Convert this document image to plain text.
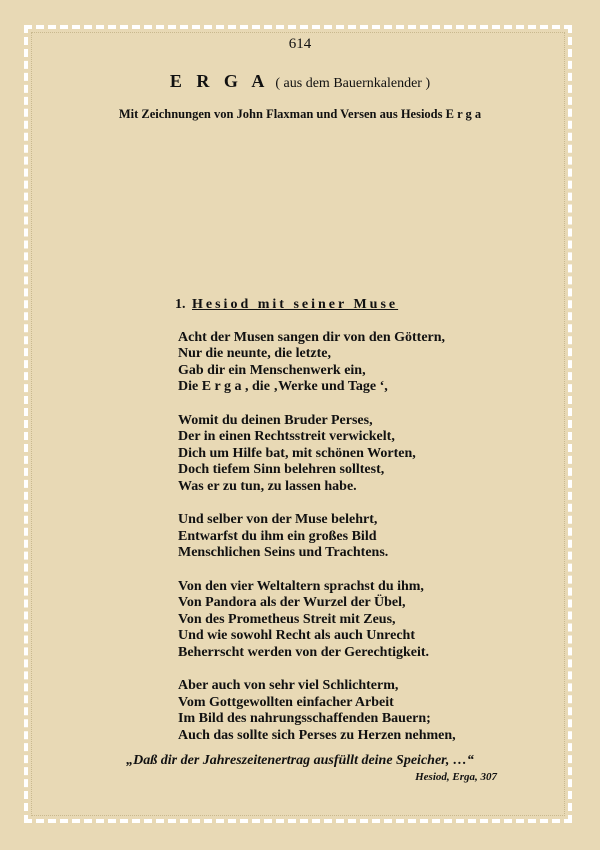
614
E R G A ( aus dem Bauernkalender )
Mit Zeichnungen von John Flaxman und Versen aus Hesiods E r g a
1. Hesiod mit seiner Muse
Acht der Musen sangen dir von den Göttern,
Nur die neunte, die letzte,
Gab dir ein Menschenwerk ein,
Die E r g a , die ‚Werke und Tage ‘,
Womit du deinen Bruder Perses,
Der in einen Rechtsstreit verwickelt,
Dich um Hilfe bat, mit schönen Worten,
Doch tiefem Sinn belehren solltest,
Was er zu tun, zu lassen habe.
Und selber von der Muse belehrt,
Entwarfst du ihm ein großes Bild
Menschlichen Seins und Trachtens.
Von den vier Weltaltern sprachst du ihm,
Von Pandora als der Wurzel der Übel,
Von des Prometheus Streit mit Zeus,
Und wie sowohl Recht als auch Unrecht
Beherrscht werden von der Gerechtigkeit.
Aber auch von sehr viel Schlichterm,
Vom Gottgewollten einfacher Arbeit
Im Bild des nahrungsschaffenden Bauern;
Auch das sollte sich Perses zu Herzen nehmen,
„Daß dir der Jahreszeitenertrag ausfüllt deine Speicher, …“
Hesiod, Erga, 307
